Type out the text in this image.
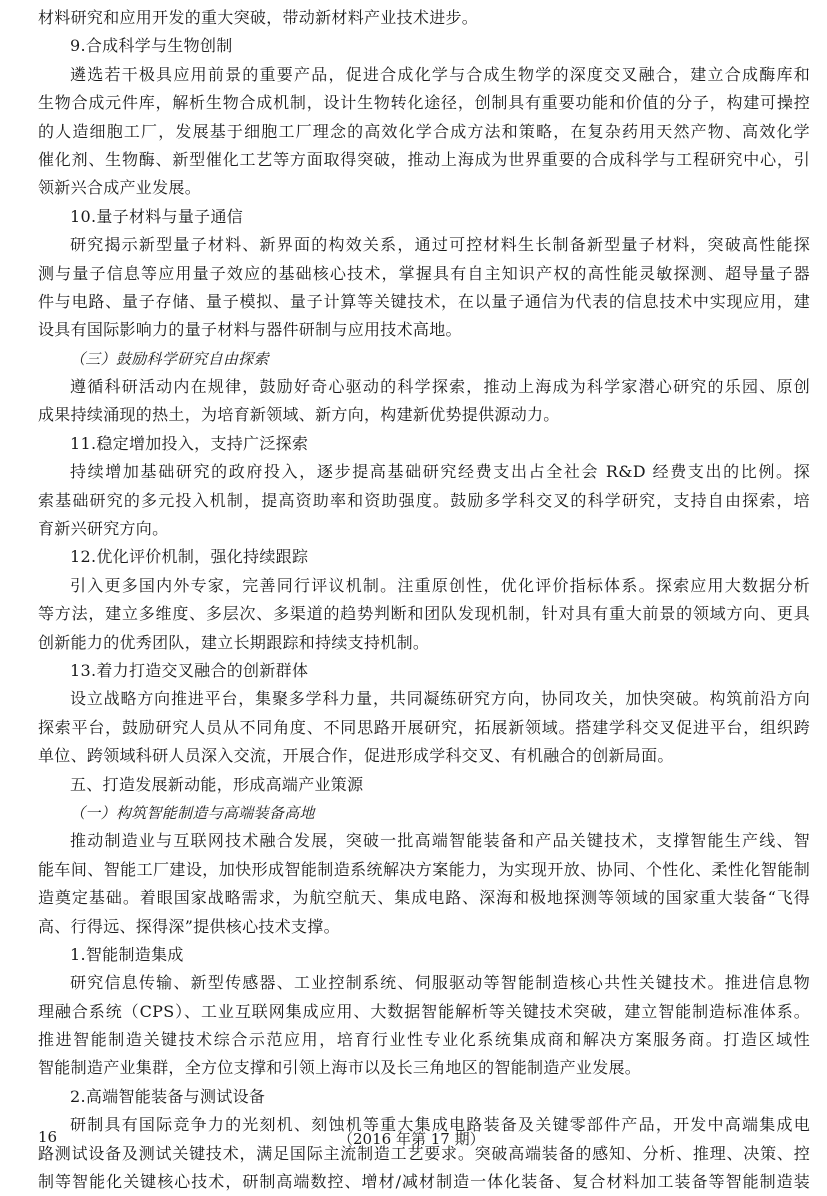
材料研究和应用开发的重大突破，带动新材料产业技术进步。
9.合成科学与生物创制
遴选若干极具应用前景的重要产品，促进合成化学与合成生物学的深度交叉融合，建立合成酶库和
生物合成元件库，解析生物合成机制，设计生物转化途径，创制具有重要功能和价值的分子，构建可操控
的人造细胞工厂，发展基于细胞工厂理念的高效化学合成方法和策略，在复杂药用天然产物、高效化学
催化剂、生物酶、新型催化工艺等方面取得突破，推动上海成为世界重要的合成科学与工程研究中心，引
领新兴合成产业发展。
10.量子材料与量子通信
研究揭示新型量子材料、新界面的构效关系，通过可控材料生长制备新型量子材料，突破高性能探
测与量子信息等应用量子效应的基础核心技术，掌握具有自主知识产权的高性能灵敏探测、超导量子器
件与电路、量子存储、量子模拟、量子计算等关键技术，在以量子通信为代表的信息技术中实现应用，建
设具有国际影响力的量子材料与器件研制与应用技术高地。
（三）鼓励科学研究自由探索
遵循科研活动内在规律，鼓励好奇心驱动的科学探索，推动上海成为科学家潜心研究的乐园、原创
成果持续涌现的热土，为培育新领域、新方向，构建新优势提供源动力。
11.稳定增加投入，支持广泛探索
持续增加基础研究的政府投入，逐步提高基础研究经费支出占全社会 R&D 经费支出的比例。探
索基础研究的多元投入机制，提高资助率和资助强度。鼓励多学科交叉的科学研究，支持自由探索，培
育新兴研究方向。
12.优化评价机制，强化持续跟踪
引入更多国内外专家，完善同行评议机制。注重原创性，优化评价指标体系。探索应用大数据分析
等方法，建立多维度、多层次、多渠道的趋势判断和团队发现机制，针对具有重大前景的领域方向、更具
创新能力的优秀团队，建立长期跟踪和持续支持机制。
13.着力打造交叉融合的创新群体
设立战略方向推进平台，集聚多学科力量，共同凝练研究方向，协同攻关，加快突破。构筑前沿方向
探索平台，鼓励研究人员从不同角度、不同思路开展研究，拓展新领域。搭建学科交叉促进平台，组织跨
单位、跨领域科研人员深入交流，开展合作，促进形成学科交叉、有机融合的创新局面。
五、打造发展新动能，形成高端产业策源
（一）构筑智能制造与高端装备高地
推动制造业与互联网技术融合发展，突破一批高端智能装备和产品关键技术，支撑智能生产线、智
能车间、智能工厂建设，加快形成智能制造系统解决方案能力，为实现开放、协同、个性化、柔性化智能制
造奠定基础。着眼国家战略需求，为航空航天、集成电路、深海和极地探测等领域的国家重大装备“飞得
高、行得远、探得深”提供核心技术支撑。
1.智能制造集成
研究信息传输、新型传感器、工业控制系统、伺服驱动等智能制造核心共性关键技术。推进信息物
理融合系统（CPS）、工业互联网集成应用、大数据智能解析等关键技术突破，建立智能制造标准体系。
推进智能制造关键技术综合示范应用，培育行业性专业化系统集成商和解决方案服务商。打造区域性
智能制造产业集群，全方位支撑和引领上海市以及长三角地区的智能制造产业发展。
2.高端智能装备与测试设备
研制具有国际竞争力的光刻机、刻蚀机等重大集成电路装备及关键零部件产品，开发中高端集成电
路测试设备及测试关键技术，满足国际主流制造工艺要求。突破高端装备的感知、分析、推理、决策、控
制等智能化关键核心技术，研制高端数控、增材/减材制造一体化装备、复合材料加工装备等智能制造装
16	（2016 年第 17 期）
